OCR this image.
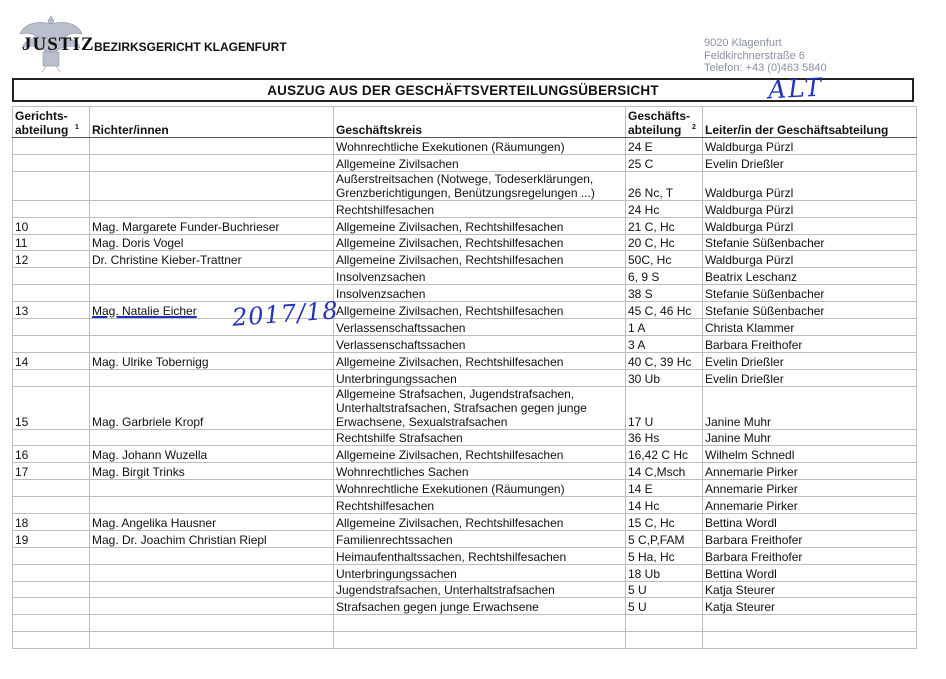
JUSTIZ BEZIRKSGERICHT KLAGENFURT	9020 Klagenfurt
Feldkirchnerstraße 6
Telefon: +43 (0)463 5840
AUSZUG AUS DER GESCHÄFTSVERTEILUNGSÜBERSICHT	ALT
Gerichts-abteilung $^1$	Richter/innen	Geschäftskreis	Geschäfts-abteilung $^2$	Leiter/in der Geschäftsabteilung
		Wohnrechtliche Exekutionen (Räumungen)	24 E	Waldburga Pürzl
		Allgemeine Zivilsachen	25 C	Evelin Drießler
		Außerstreitsachen (Notwege, Todeserklärungen, Grenzberichtigungen, Benützungsregelungen ...)	26 Nc, T	Waldburga Pürzl
		Rechtshilfesachen	24 Hc	Waldburga Pürzl
10	Mag. Margarete Funder-Buchrieser	Allgemeine Zivilsachen, Rechtshilfesachen	21 C, Hc	Waldburga Pürzl
11	Mag. Doris Vogel	Allgemeine Zivilsachen, Rechtshilfesachen	20 C, Hc	Stefanie Süßenbacher
12	Dr. Christine Kieber-Trattner	Allgemeine Zivilsachen, Rechtshilfesachen	50C, Hc	Waldburga Pürzl
		Insolvenzsachen	6, 9 S	Beatrix Leschanz
		Insolvenzsachen	38 S	Stefanie Süßenbacher
13	Mag. Natalie Eicher	Allgemeine Zivilsachen, Rechtshilfesachen	45 C, 46 Hc	Stefanie Süßenbacher
		Verlassenschaftssachen	1 A	Christa Klammer
		Verlassenschaftssachen	3 A	Barbara Freithofer
14	Mag. Ulrike Tobernigg	Allgemeine Zivilsachen, Rechtshilfesachen	40 C, 39 Hc	Evelin Drießler
		Unterbringungssachen	30 Ub	Evelin Drießler
15	Mag. Garbriele Kropf	Allgemeine Strafsachen, Jugendstrafsachen, Unterhaltstrafsachen, Strafsachen gegen junge Erwachsene, Sexualstrafsachen	17 U	Janine Muhr
		Rechtshilfe Strafsachen	36 Hs	Janine Muhr
16	Mag. Johann Wuzella	Allgemeine Zivilsachen, Rechtshilfesachen	16,42 C Hc	Wilhelm Schnedl
17	Mag. Birgit Trinks	Wohnrechtliches Sachen	14 C,Msch	Annemarie Pirker
		Wohnrechtliche Exekutionen (Räumungen)	14 E	Annemarie Pirker
		Rechtshilfesachen	14 Hc	Annemarie Pirker
18	Mag. Angelika Hausner	Allgemeine Zivilsachen, Rechtshilfesachen	15 C, Hc	Bettina Wordl
19	Mag. Dr. Joachim Christian Riepl	Familienrechtssachen	5 C,P,FAM	Barbara Freithofer
		Heimaufenthaltssachen, Rechtshilfesachen	5 Ha, Hc	Barbara Freithofer
		Unterbringungssachen	18 Ub	Bettina Wordl
		Jugendstrafsachen, Unterhaltstrafsachen	5 U	Katja Steurer
		Strafsachen gegen junge Erwachsene	5 U	Katja Steurer

2017/18
